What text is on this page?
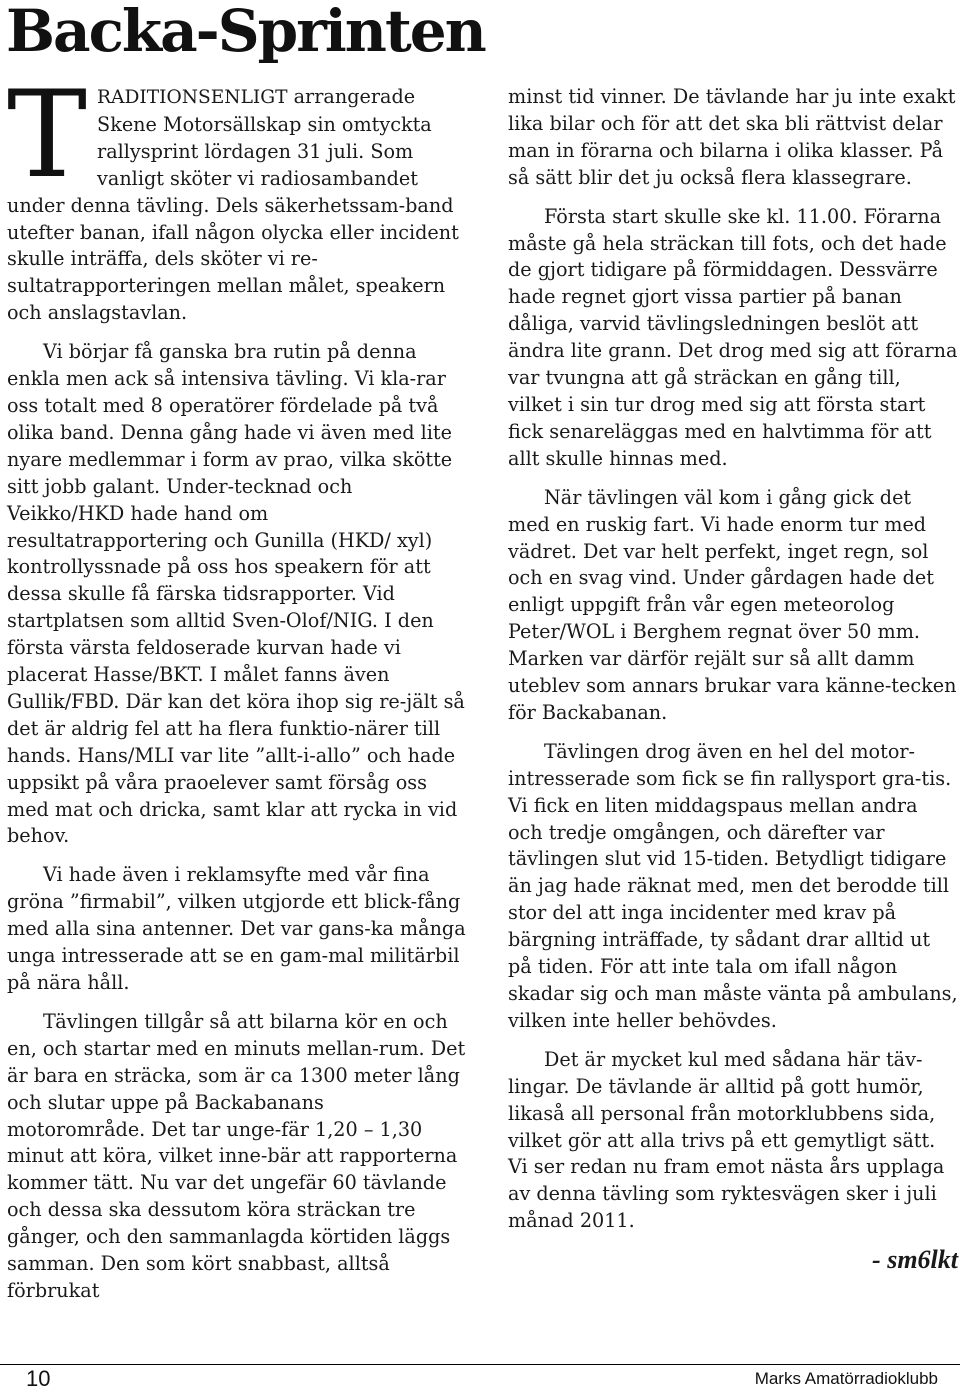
Backa-Sprinten

TRADITIONSENLIGT arrangerade Skene Motorsällskap sin omtyckta rallysprint lördagen 31 juli. Som vanligt sköter vi radiosambandet under denna tävling. Dels säkerhetssam-band utefter banan, ifall någon olycka eller incident skulle inträffa, dels sköter vi re-sultatrapporteringen mellan målet, speakern och anslagstavlan.

Vi börjar få ganska bra rutin på denna enkla men ack så intensiva tävling. Vi kla-rar oss totalt med 8 operatörer fördelade på två olika band. Denna gång hade vi även med lite nyare medlemmar i form av prao, vilka skötte sitt jobb galant. Under-tecknad och Veikko/HKD hade hand om resultatrapportering och Gunilla (HKD/ xyl) kontrollyssnade på oss hos speakern för att dessa skulle få färska tidsrapporter. Vid startplatsen som alltid Sven-Olof/NIG. I den första värsta feldoserade kurvan hade vi placerat Hasse/BKT. I målet fanns även Gullik/FBD. Där kan det köra ihop sig re-jält så det är aldrig fel att ha flera funktio-närer till hands. Hans/MLI var lite ”allt-i-allo” och hade uppsikt på våra praoelever samt försåg oss med mat och dricka, samt klar att rycka in vid behov.

Vi hade även i reklamsyfte med vår fina gröna ”firmabil”, vilken utgjorde ett blick-fång med alla sina antenner. Det var gans-ka många unga intresserade att se en gam-mal militärbil på nära håll.

Tävlingen tillgår så att bilarna kör en och en, och startar med en minuts mellan-rum. Det är bara en sträcka, som är ca 1300 meter lång och slutar uppe på Backabanans motorområde. Det tar unge-fär 1,20 – 1,30 minut att köra, vilket inne-bär att rapporterna kommer tätt. Nu var det ungefär 60 tävlande och dessa ska dessutom köra sträckan tre gånger, och den sammanlagda körtiden läggs samman. Den som kört snabbast, alltså förbrukat

minst tid vinner. De tävlande har ju inte exakt lika bilar och för att det ska bli rättvist delar man in förarna och bilarna i olika klasser. På så sätt blir det ju också flera klassegrare.

Första start skulle ske kl. 11.00. Förarna måste gå hela sträckan till fots, och det hade de gjort tidigare på förmiddagen. Dessvärre hade regnet gjort vissa partier på banan dåliga, varvid tävlingsledningen beslöt att ändra lite grann. Det drog med sig att förarna var tvungna att gå sträckan en gång till, vilket i sin tur drog med sig att första start fick senareläggas med en halvtimma för att allt skulle hinnas med.

När tävlingen väl kom i gång gick det med en ruskig fart. Vi hade enorm tur med vädret. Det var helt perfekt, inget regn, sol och en svag vind. Under gårdagen hade det enligt uppgift från vår egen meteorolog Peter/WOL i Berghem regnat över 50 mm. Marken var därför rejält sur så allt damm uteblev som annars brukar vara känne-tecken för Backabanan.

Tävlingen drog även en hel del motor-intresserade som fick se fin rallysport gra-tis. Vi fick en liten middagspaus mellan andra och tredje omgången, och därefter var tävlingen slut vid 15-tiden. Betydligt tidigare än jag hade räknat med, men det berodde till stor del att inga incidenter med krav på bärgning inträffade, ty sådant drar alltid ut på tiden. För att inte tala om ifall någon skadar sig och man måste vänta på ambulans, vilken inte heller behövdes.

Det är mycket kul med sådana här täv-lingar. De tävlande är alltid på gott humör, likaså all personal från motorklubbens sida, vilket gör att alla trivs på ett gemytligt sätt. Vi ser redan nu fram emot nästa års upplaga av denna tävling som ryktesvägen sker i juli månad 2011.

- sm6lkt

10	Marks Amatörradioklubb
